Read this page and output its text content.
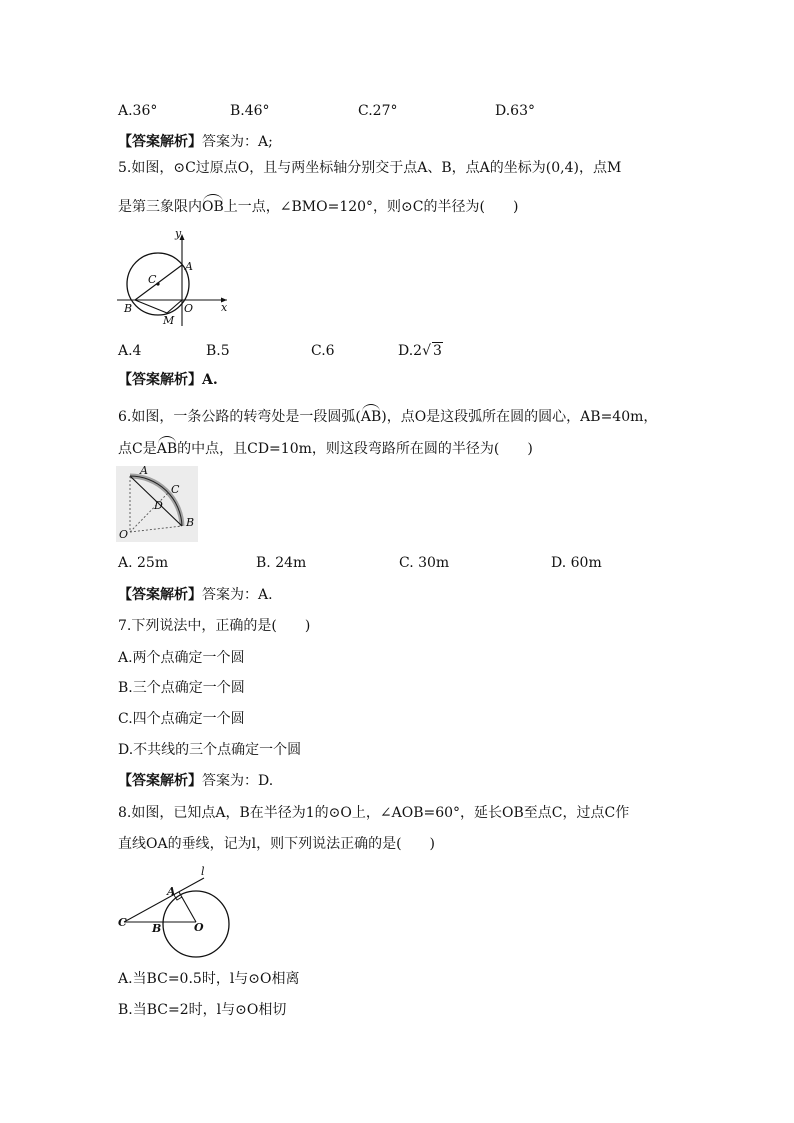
A.36°	B.46°	C.27°	D.63°
【答案解析】答案为：A;
5.如图，⊙C过原点O，且与两坐标轴分别交于点A、B，点A的坐标为(0,4)，点M
是第三象限内OB上一点，∠BMO=120°，则⊙C的半径为(　　)
y
x
A
B
C
O
M
A.4	B.5	C.6	D.2√ 3
【答案解析】A.
6.如图，一条公路的转弯处是一段圆弧(AB)，点O是这段弧所在圆的圆心，AB=40m，
点C是AB的中点，且CD=10m，则这段弯路所在圆的半径为(　　)
A
C
D
B
O
A. 25m	B. 24m	C. 30m	D. 60m
【答案解析】答案为：A.
7.下列说法中，正确的是(　　)
A.两个点确定一个圆
B.三个点确定一个圆
C.四个点确定一个圆
D.不共线的三个点确定一个圆
【答案解析】答案为：D.
8.如图，已知点A，B在半径为1的⊙O上，∠AOB=60°，延长OB至点C，过点C作
直线OA的垂线，记为l，则下列说法正确的是(　　)
l
A
C B	O
A.当BC=0.5时，l与⊙O相离
B.当BC=2时，l与⊙O相切
